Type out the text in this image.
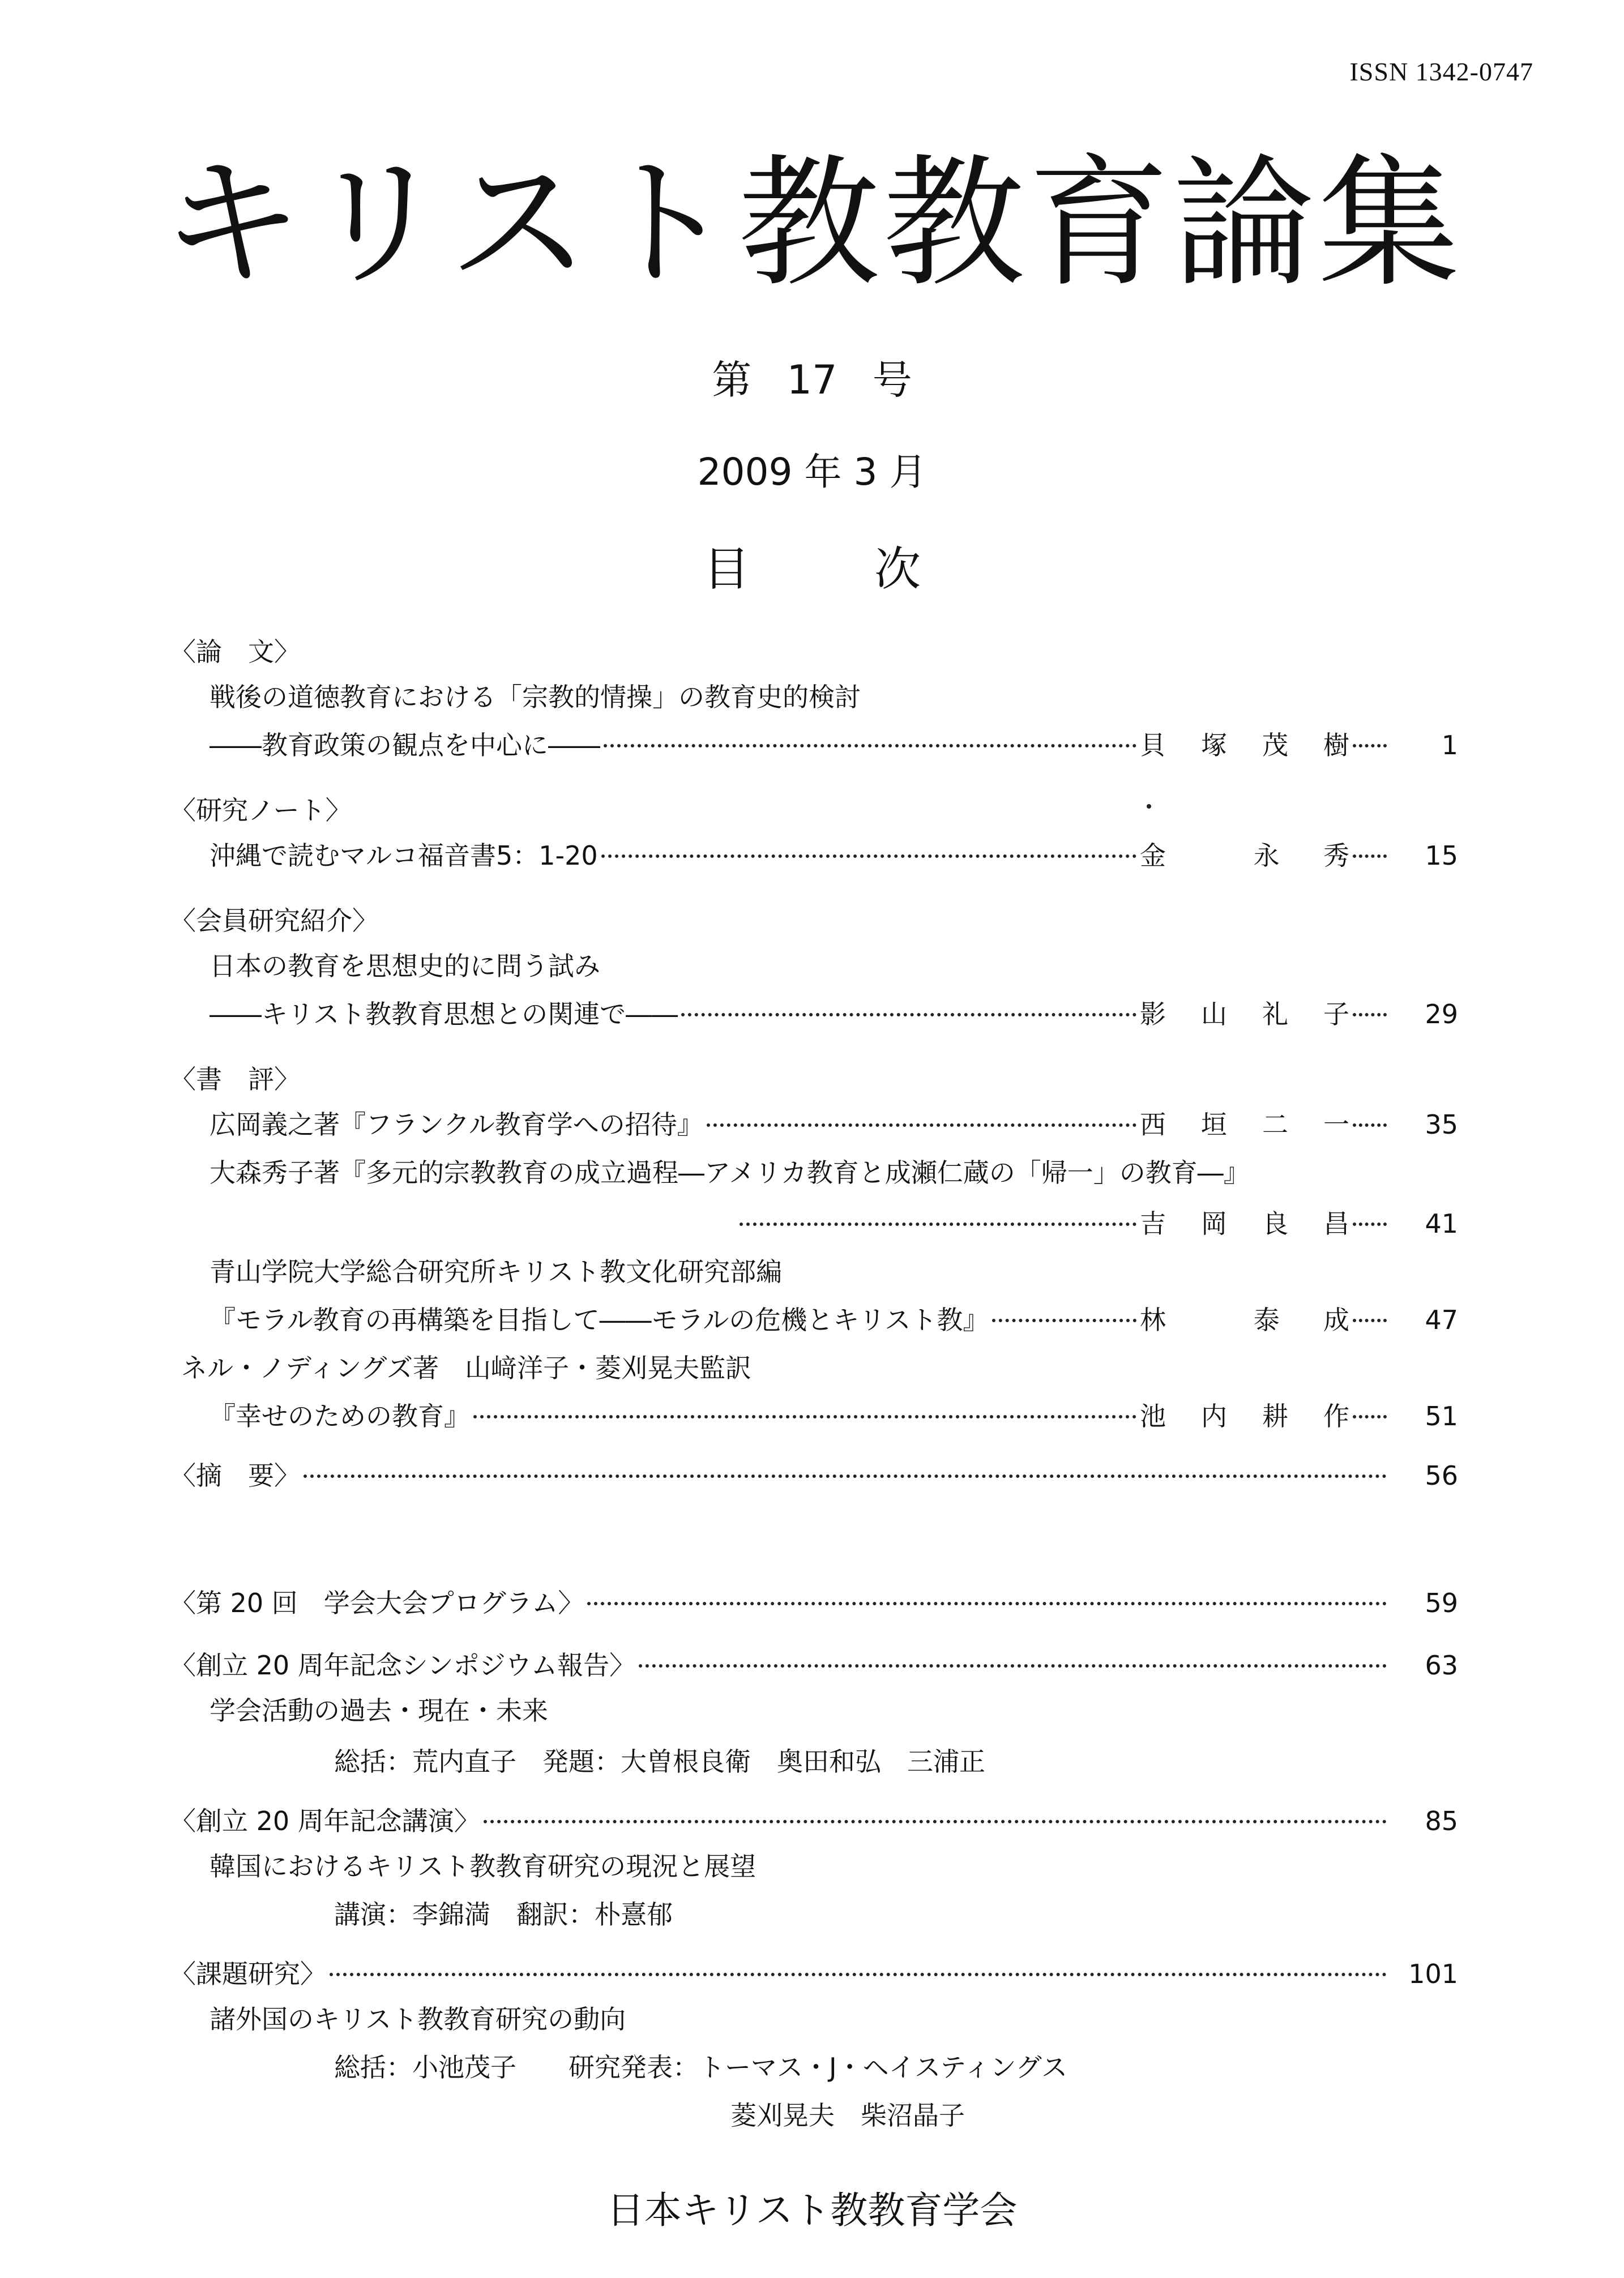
ISSN 1342-0747
キリスト教教育論集
第 17 号
2009 年 3 月
目	次
〈論　文〉
戦後の道徳教育における「宗教的情操」の教育史的検討
――教育政策の観点を中心に――	貝 塚 茂 樹	1
〈研究ノート〉
沖縄で読むマルコ福音書5：1-20	金	永 秀	15
〈会員研究紹介〉
日本の教育を思想史的に問う試み
――キリスト教教育思想との関連で――	影 山 礼 子	29
〈書　評〉
広岡義之著『フランクル教育学への招待』	西 垣 二 一	35
大森秀子著『多元的宗教教育の成立過程―アメリカ教育と成瀬仁蔵の「帰一」の教育―』
吉 岡 良 昌	41
青山学院大学総合研究所キリスト教文化研究部編
『モラル教育の再構築を目指して――モラルの危機とキリスト教』	林	泰 成	47
ネル・ノディングズ著　山﨑洋子・菱刈晃夫監訳
『幸せのための教育』	池 内 耕 作	51
〈摘　要〉	56
〈第 20 回　学会大会プログラム〉	59
〈創立 20 周年記念シンポジウム報告〉	63
学会活動の過去・現在・未来
総括：荒内直子　発題：大曽根良衛　奥田和弘　三浦正
〈創立 20 周年記念講演〉	85
韓国におけるキリスト教教育研究の現況と展望
講演：李錦満　翻訳：朴憙郁
〈課題研究〉	101
諸外国のキリスト教教育研究の動向
総括：小池茂子　　研究発表：トーマス・J・ヘイスティングス
菱刈晃夫　柴沼晶子
日本キリスト教教育学会
